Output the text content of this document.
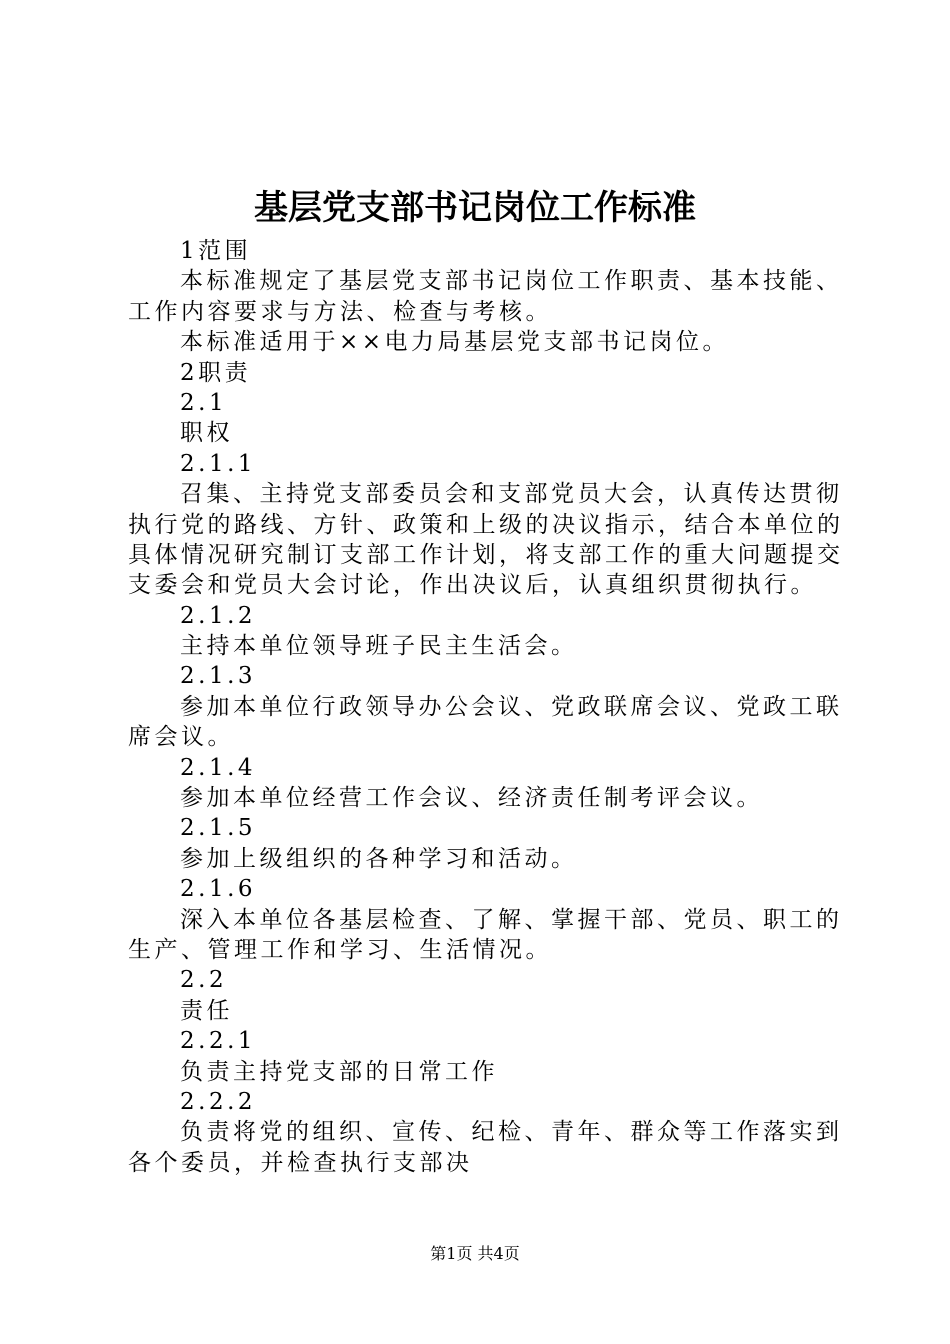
基层党支部书记岗位工作标准
1范围
本标准规定了基层党支部书记岗位工作职责、基本技能、
工作内容要求与方法、检查与考核。
本标准适用于××电力局基层党支部书记岗位。
2职责
2.1
职权
2.1.1
召集、主持党支部委员会和支部党员大会，认真传达贯彻
执行党的路线、方针、政策和上级的决议指示，结合本单位的
具体情况研究制订支部工作计划，将支部工作的重大问题提交
支委会和党员大会讨论，作出决议后，认真组织贯彻执行。
2.1.2
主持本单位领导班子民主生活会。
2.1.3
参加本单位行政领导办公会议、党政联席会议、党政工联
席会议。
2.1.4
参加本单位经营工作会议、经济责任制考评会议。
2.1.5
参加上级组织的各种学习和活动。
2.1.6
深入本单位各基层检查、了解、掌握干部、党员、职工的
生产、管理工作和学习、生活情况。
2.2
责任
2.2.1
负责主持党支部的日常工作
2.2.2
负责将党的组织、宣传、纪检、青年、群众等工作落实到
各个委员，并检查执行支部决
第1页 共4页
